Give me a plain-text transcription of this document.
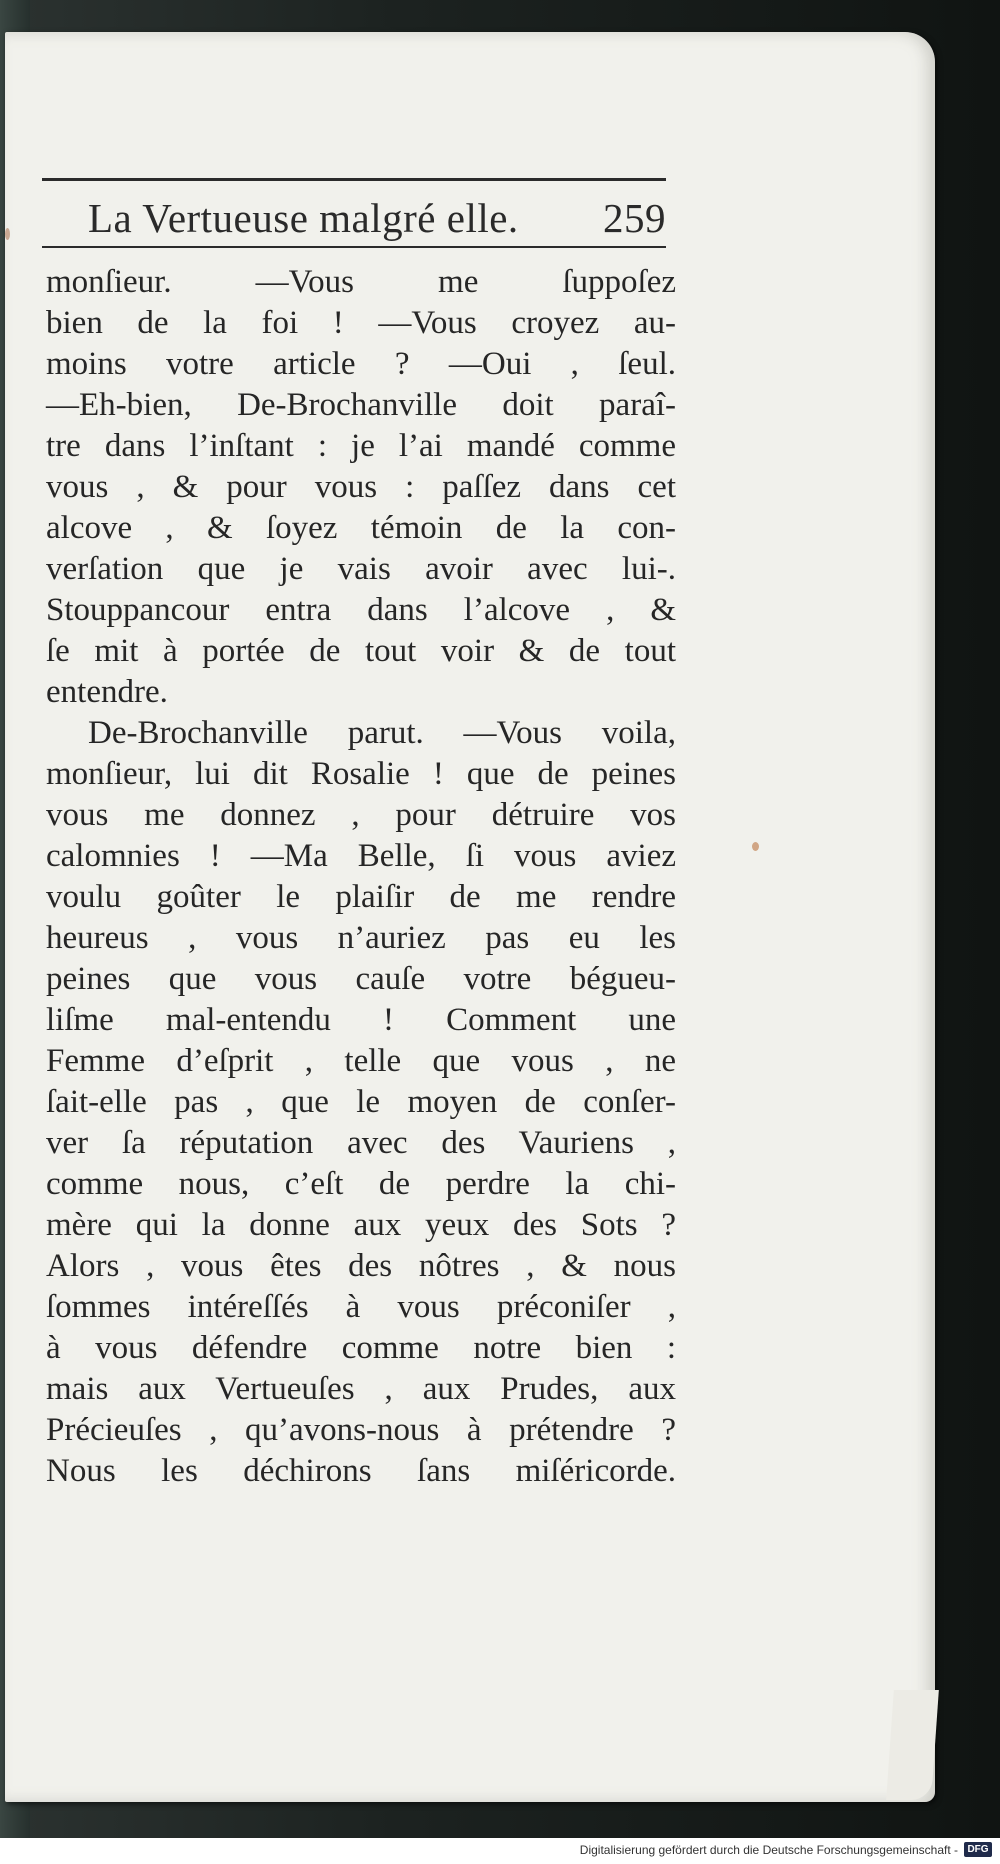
La Vertueuse malgré elle. 259
monſieur. —Vous me ſuppoſez
bien de la foi ! —Vous croyez au-
moins votre article ? —Oui , ſeul.
—Eh-bien, De-Brochanville doit paraî-
tre dans l’inſtant : je l’ai mandé comme
vous , & pour vous : paſſez dans cet
alcove , & ſoyez témoin de la con-
verſation que je vais avoir avec lui-.
Stouppancour entra dans l’alcove , &
ſe mit à portée de tout voir & de tout
entendre.
De-Brochanville parut. —Vous voila,
monſieur, lui dit Rosalie ! que de peines
vous me donnez , pour détruire vos
calomnies ! —Ma Belle, ſi vous aviez
voulu goûter le plaiſir de me rendre
heureus , vous n’auriez pas eu les
peines que vous cauſe votre bégueu-
liſme mal-entendu ! Comment une
Femme d’eſprit , telle que vous , ne
ſait-elle pas , que le moyen de conſer-
ver ſa réputation avec des Vauriens ,
comme nous, c’eſt de perdre la chi-
mère qui la donne aux yeux des Sots ?
Alors , vous êtes des nôtres , & nous
ſommes intéreſſés à vous préconiſer ,
à vous défendre comme notre bien :
mais aux Vertueuſes , aux Prudes, aux
Précieuſes , qu’avons-nous à prétendre ?
Nous les déchirons ſans miſéricorde.
Digitalisierung gefördert durch die Deutsche Forschungsgemeinschaft - DFG
